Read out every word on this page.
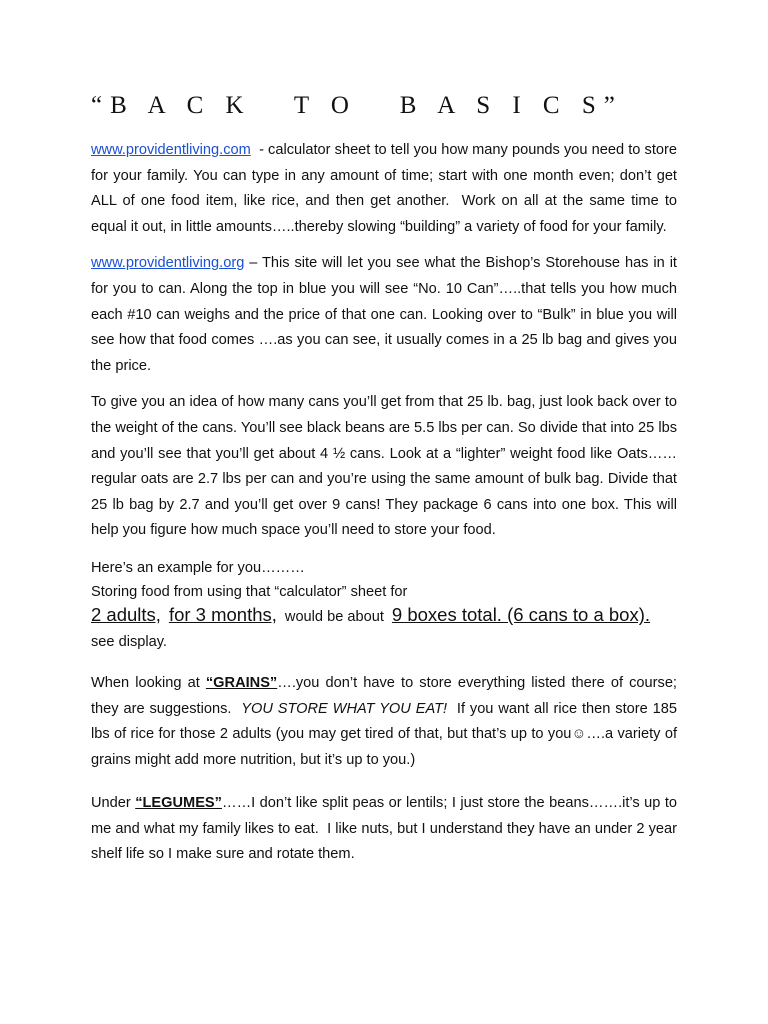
“B A C K   T O   B A S I C S”

www.providentliving.com  - calculator sheet to tell you how many pounds you need to store for your family. You can type in any amount of time; start with one month even; don’t get ALL of one food item, like rice, and then get another.  Work on all at the same time to equal it out, in little amounts…..thereby slowing “building” a variety of food for your family.

www.providentliving.org – This site will let you see what the Bishop’s Storehouse has in it for you to can. Along the top in blue you will see “No. 10 Can”…..that tells you how much each #10 can weighs and the price of that one can. Looking over to “Bulk” in blue you will see how that food comes ….as you can see, it usually comes in a 25 lb bag and gives you the price.

To give you an idea of how many cans you’ll get from that 25 lb. bag, just look back over to the weight of the cans. You’ll see black beans are 5.5 lbs per can. So divide that into 25 lbs and you’ll see that you’ll get about 4 ½ cans. Look at a “lighter” weight food like Oats……regular oats are 2.7 lbs per can and you’re using the same amount of bulk bag. Divide that 25 lb bag by 2.7 and you’ll get over 9 cans! They package 6 cans into one box. This will help you figure how much space you’ll need to store your food.

Here’s an example for you………
Storing food from using that “calculator” sheet for
2 adults, for 3 months, would be about 9 boxes total. (6 cans to a box).
see display.

When looking at “GRAINS”….you don’t have to store everything listed there of course; they are suggestions.  YOU STORE WHAT YOU EAT!  If you want all rice then store 185 lbs of rice for those 2 adults (you may get tired of that, but that’s up to you☺….a variety of grains might add more nutrition, but it’s up to you.)

Under “LEGUMES”……I don’t like split peas or lentils; I just store the beans…….it’s up to me and what my family likes to eat.  I like nuts, but I understand they have an under 2 year shelf life so I make sure and rotate them.
